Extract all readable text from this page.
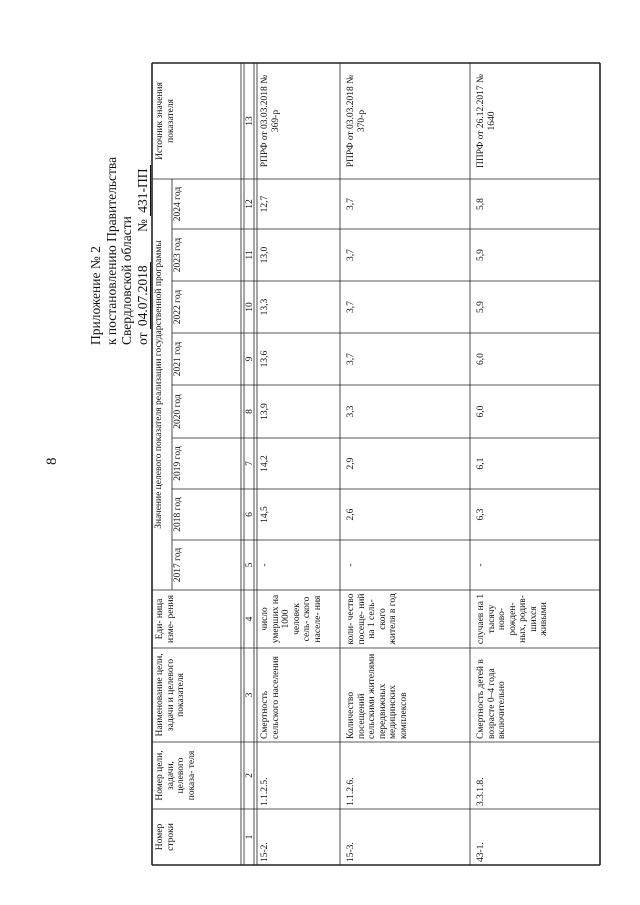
8
Приложение № 2 к постановлению Правительства Свердловской области от 04.07.2018         № 431-ПП
Номер строки
Номер цели, задачи, целевого показа- теля
Наименование цели, задачи и целевого показателя
Еди- ница изме- рения
Значение целевого показателя реализации государственной программы
Источник значения показателя
2017 год
2018 год
2019 год
2020 год
2021 год
2022 год
2023 год
2024 год
1
2
3
4
5
6
7
8
9
10
11
12
13
15-2.
1.1.2.5.
Смертность сельского населения
число умерших на 1000 человек сель- ского населе- ния
-
14,5
14,2
13,9
13,6
13,3
13,0
12,7
РПРФ от 03.03.2018 № 369-р
15-3.
1.1.2.6.
Количество посещений сельскими жителями передвижных медицинских комплексов
коли- чество посеще- ний на 1 сель- ского жителя в год
-
2,6
2,9
3,3
3,7
3,7
3,7
3,7
РПРФ от 03.03.2018 № 370-р
43-1.
3.3.1.8.
Смертность детей в возрасте 0–4 года включительно
случаев на 1 тысячу ново- рожден- ных, родив- шихся живыми
-
6,3
6,1
6,0
6,0
5,9
5,9
5,8
ППРФ от 26.12.2017 № 1640
